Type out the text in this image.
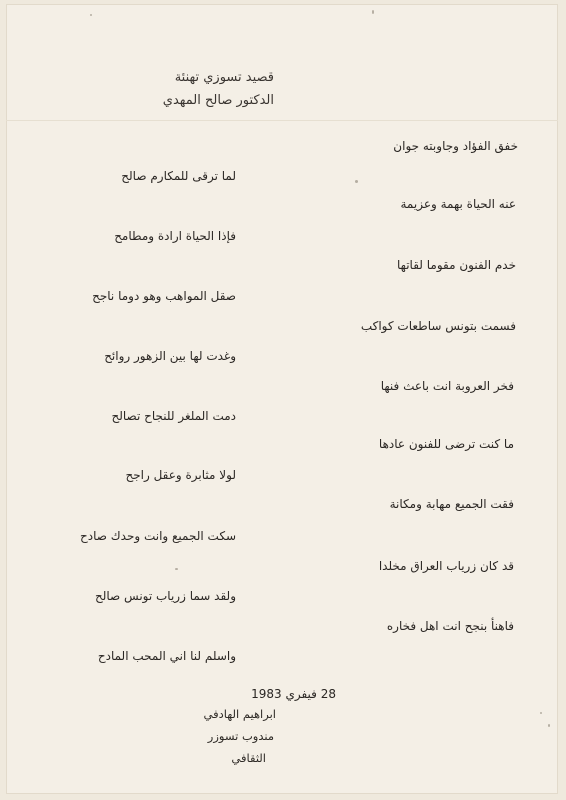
قصيد تسوزي تهنئة
الدكتور صالح المهدي
خفق الفؤاد وجاوبته جوان
لما ترقى للمكارم صالح
عنه الحياة بهمة وعزيمة
فإذا الحياة ارادة ومطامح
خدم الفنون مقوما لقاتها
صقل المواهب وهو دوما ناجح
فسمت بتونس ساطعات كواكب
وغدت لها بين الزهور روائح
فخر العروبة انت باعث فنها
دمت الملغر للنجاح تصالح
ما كنت ترضى للفنون عادها
لولا مثابرة وعقل راجح
فقت الجميع مهابة ومكانة
سكت الجميع وانت وحدك صادح
قد كان زرياب العراق مخلدا
ولقد سما زرياب تونس صالح
فاهنأ بنجح انت اهل فخاره
واسلم لنا اني المحب المادح
28 فيفري 1983
ابراهيم الهادفي
مندوب تسوزر
الثقافي
